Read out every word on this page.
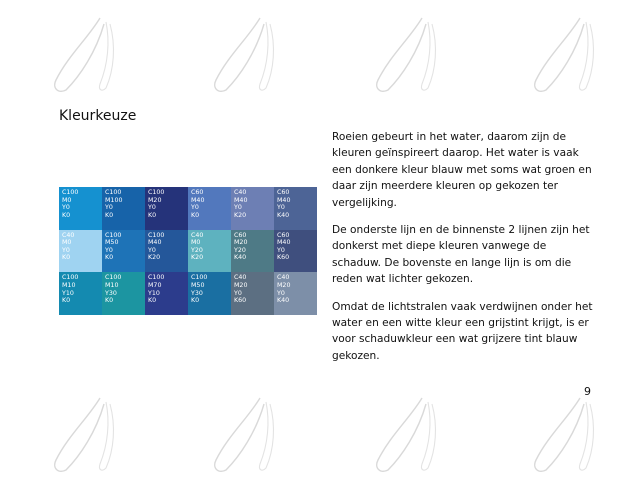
Kleurkeuze
C100
M0
Y0
K0
C100
M100
Y0
K0
C100
M20
Y0
K0
C60
M40
Y0
K0
C40
M40
Y0
K20
C60
M40
Y0
K40
C40
M0
Y0
K0
C100
M50
Y0
K0
C100
M40
Y0
K20
C40
M0
Y20
K20
C60
M20
Y20
K40
C60
M40
Y0
K60
C100
M10
Y10
K0
C100
M10
Y30
K0
C100
M70
Y10
K0
C100
M50
Y30
K0
C40
M20
Y0
K60
C40
M20
Y0
K40

Roeien gebeurt in het water, daarom zijn de kleuren geïnspireert daarop. Het water is vaak een donkere kleur blauw met soms wat groen en daar zijn meerdere kleuren op gekozen ter vergelijking.

De onderste lijn en de binnenste 2 lijnen zijn het donkerst met diepe kleuren vanwege de schaduw. De bovenste en lange lijn is om die reden wat lichter gekozen.

Omdat de lichtstralen vaak verdwijnen onder het water en een witte kleur een grijstint krijgt, is er voor schaduwkleur een wat grijzere tint blauw gekozen.

9
